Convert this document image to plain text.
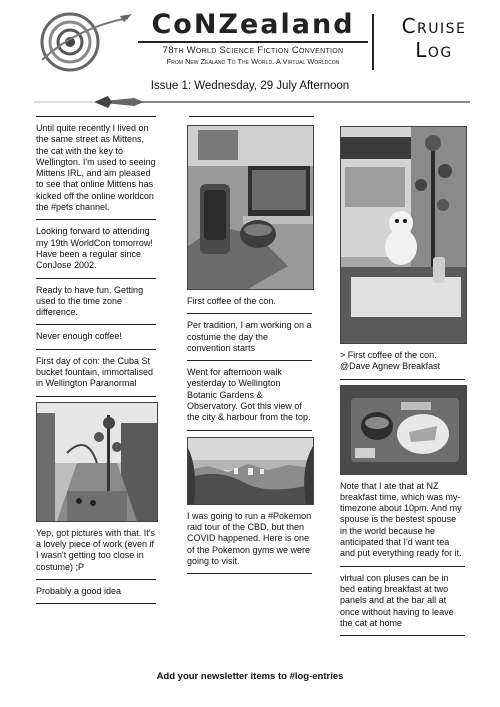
CoNZealand
78th World Science Fiction Convention
From New Zealand To The World. A Virtual Worldcon
Cruise
Log
Issue 1: Wednesday, 29 July Afternoon
Until quite recently I lived on the same street as Mittens, the cat with the key to Wellington. I'm used to seeing Mittens IRL, and am pleased to see that online Mittens has kicked off the online worldcon the #pets channel.
Looking forward to attending my 19th WorldCon tomorrow! Have been a regular since ConJose 2002.
Ready to have fun. Getting used to the time zone difference.
Never enough coffee!
First day of con: the Cuba St bucket fountain, immortalised in Wellington Paranormal
Yep, got pictures with that. It's a lovely piece of work (even if I wasn't getting too close in costume) ;P
Probably a good idea
First coffee of the con.
Per tradition, I am working on a costume the day the convention starts
Went for afternoon walk yesterday to Wellington Botanic Gardens & Observatory. Got this view of the city & harbour from the top.
I was going to run a #Pokemon raid tour of the CBD, but then COVID happened. Here is one of the Pokemon gyms we were going to visit.
> First coffee of the con. @Dave Agnew Breakfast
Note that I ate that at NZ breakfast time, which was my-timezone about 10pm. And my spouse is the bestest spouse in the world because he anticipated that I'd want tea and put everything ready for it.
virtual con pluses can be in bed eating breakfast at two panels and at the bar all at once without having to leave the cat at home
Add your newsletter items to #log-entries
